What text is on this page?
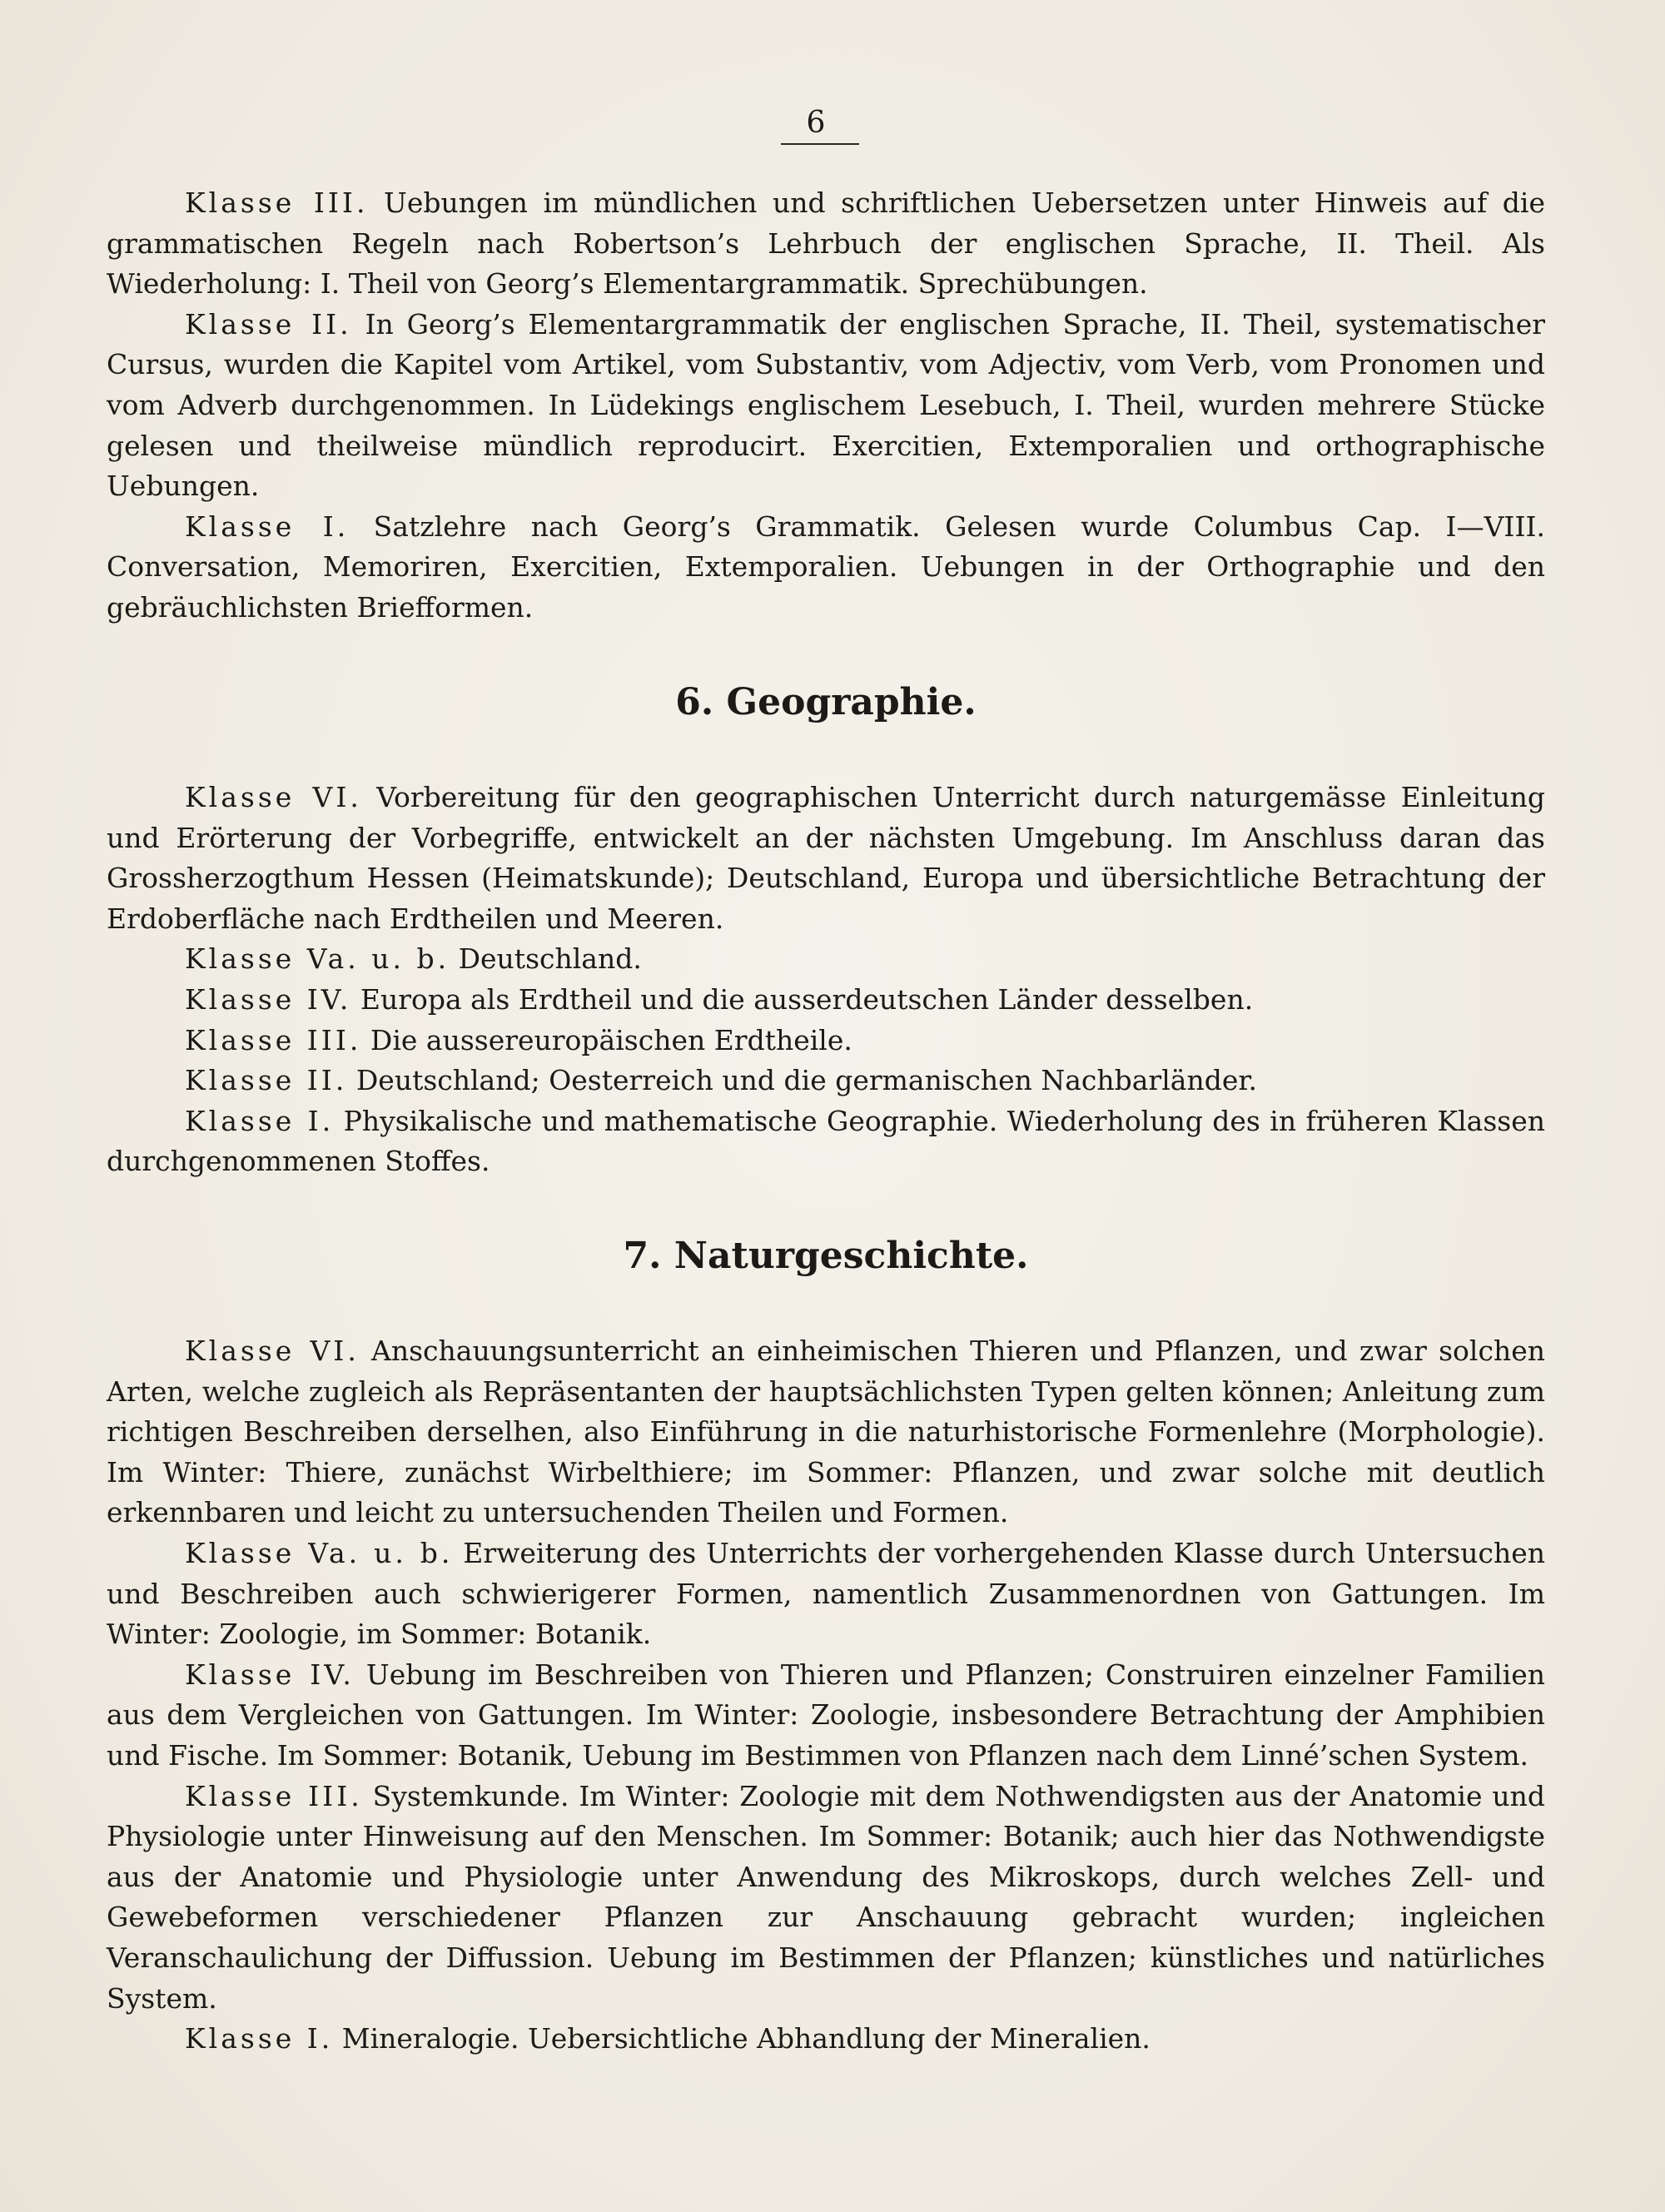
6

Klasse III. Uebungen im mündlichen und schriftlichen Uebersetzen unter Hinweis auf die grammatischen Regeln nach Robertson’s Lehrbuch der englischen Sprache, II. Theil. Als Wiederholung: I. Theil von Georg’s Elementargrammatik. Sprechübungen.

Klasse II. In Georg’s Elementargrammatik der englischen Sprache, II. Theil, systematischer Cursus, wurden die Kapitel vom Artikel, vom Substantiv, vom Adjectiv, vom Verb, vom Pronomen und vom Adverb durchgenommen. In Lüdekings englischem Lesebuch, I. Theil, wurden mehrere Stücke gelesen und theilweise mündlich reproducirt. Exercitien, Extemporalien und orthographische Uebungen.

Klasse I. Satzlehre nach Georg’s Grammatik. Gelesen wurde Columbus Cap. I—VIII. Conversation, Memoriren, Exercitien, Extemporalien. Uebungen in der Orthographie und den gebräuchlichsten Briefformen.

6. Geographie.

Klasse VI. Vorbereitung für den geographischen Unterricht durch naturgemässe Einleitung und Erörterung der Vorbegriffe, entwickelt an der nächsten Umgebung. Im Anschluss daran das Grossherzogthum Hessen (Heimatskunde); Deutschland, Europa und übersichtliche Betrachtung der Erdoberfläche nach Erdtheilen und Meeren.

Klasse Va. u. b. Deutschland.

Klasse IV. Europa als Erdtheil und die ausserdeutschen Länder desselben.

Klasse III. Die aussereuropäischen Erdtheile.

Klasse II. Deutschland; Oesterreich und die germanischen Nachbarländer.

Klasse I. Physikalische und mathematische Geographie. Wiederholung des in früheren Klassen durchgenommenen Stoffes.

7. Naturgeschichte.

Klasse VI. Anschauungsunterricht an einheimischen Thieren und Pflanzen, und zwar solchen Arten, welche zugleich als Repräsentanten der hauptsächlichsten Typen gelten können; Anleitung zum richtigen Beschreiben derselhen, also Einführung in die naturhistorische Formenlehre (Morphologie). Im Winter: Thiere, zunächst Wirbelthiere; im Sommer: Pflanzen, und zwar solche mit deutlich erkennbaren und leicht zu untersuchenden Theilen und Formen.

Klasse Va. u. b. Erweiterung des Unterrichts der vorhergehenden Klasse durch Untersuchen und Beschreiben auch schwierigerer Formen, namentlich Zusammenordnen von Gattungen. Im Winter: Zoologie, im Sommer: Botanik.

Klasse IV. Uebung im Beschreiben von Thieren und Pflanzen; Construiren einzelner Familien aus dem Vergleichen von Gattungen. Im Winter: Zoologie, insbesondere Betrachtung der Amphibien und Fische. Im Sommer: Botanik, Uebung im Bestimmen von Pflanzen nach dem Linné’schen System.

Klasse III. Systemkunde. Im Winter: Zoologie mit dem Nothwendigsten aus der Anatomie und Physiologie unter Hinweisung auf den Menschen. Im Sommer: Botanik; auch hier das Nothwendigste aus der Anatomie und Physiologie unter Anwendung des Mikroskops, durch welches Zell- und Gewebeformen verschiedener Pflanzen zur Anschauung gebracht wurden; ingleichen Veranschaulichung der Diffussion. Uebung im Bestimmen der Pflanzen; künstliches und natürliches System.

Klasse I. Mineralogie. Uebersichtliche Abhandlung der Mineralien.
